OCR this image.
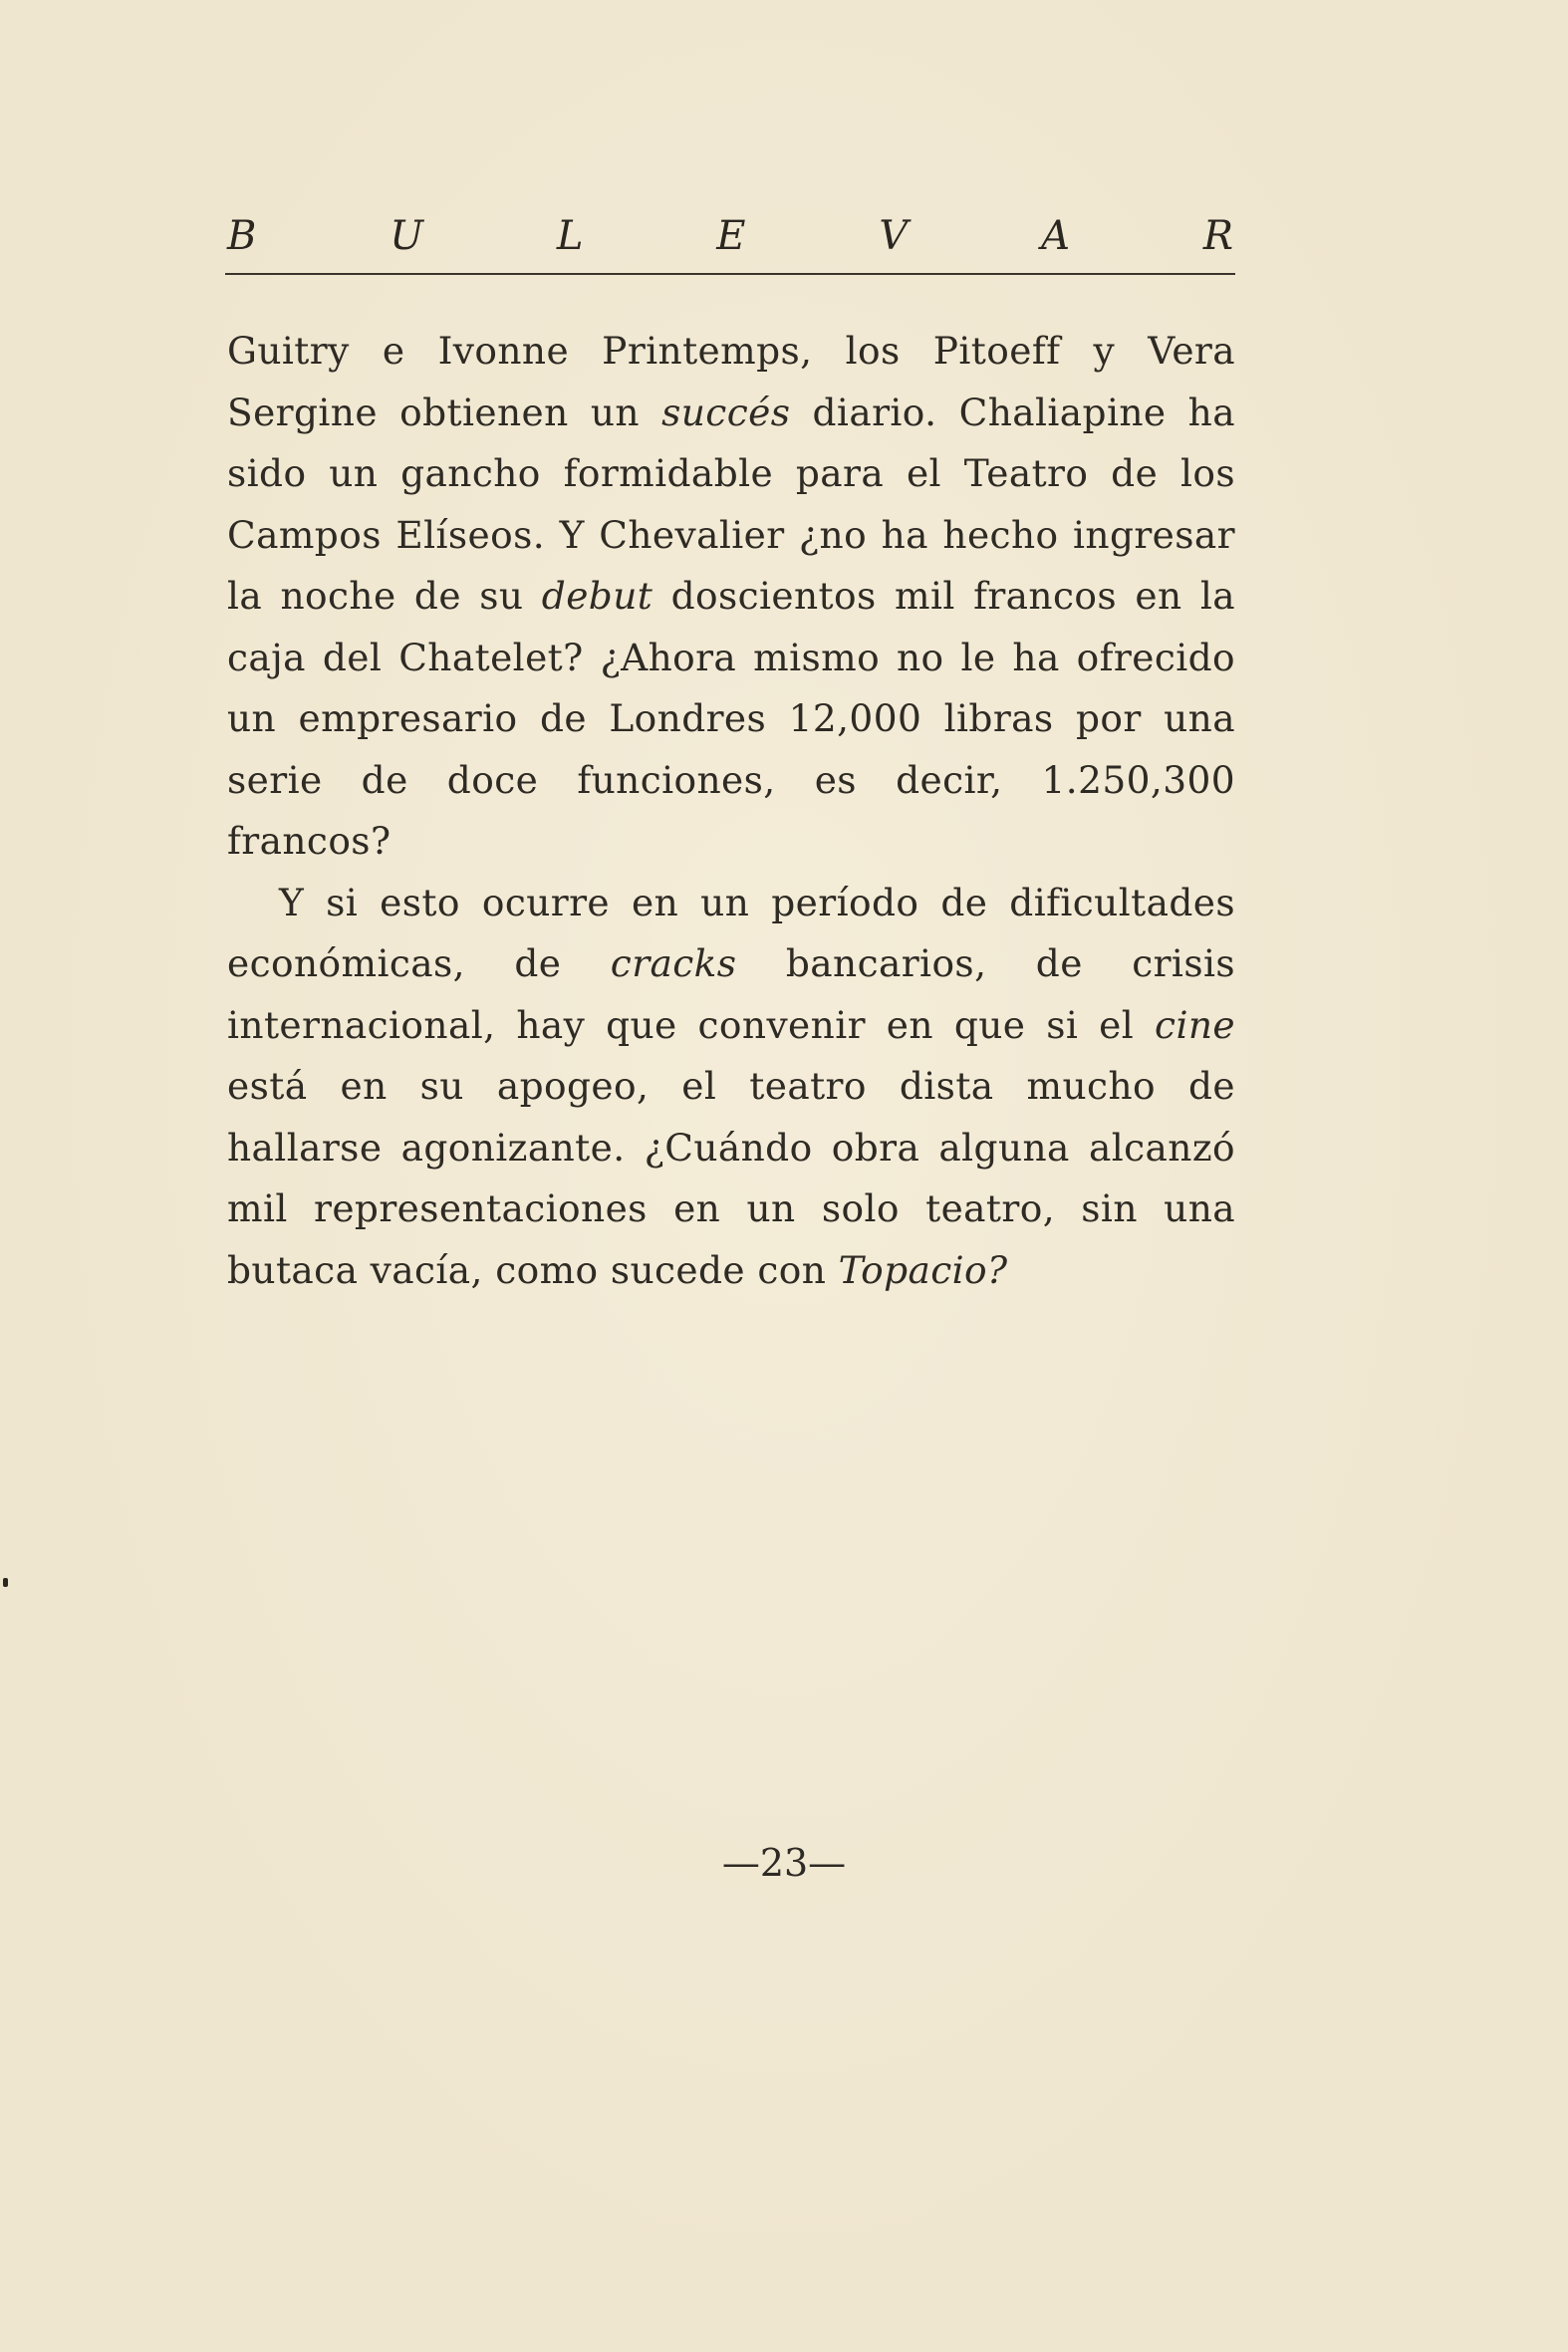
B	U	L	E	V	A	R

Guitry e Ivonne Printemps, los Pitoeff y Vera Sergine obtienen un succés diario. Chaliapine ha sido un gancho formidable para el Teatro de los Campos Elíseos. Y Chevalier ¿no ha hecho ingresar la noche de su debut doscientos mil francos en la caja del Chatelet? ¿Ahora mismo no le ha ofrecido un empresario de Londres 12,000 libras por una serie de doce funciones, es decir, 1.250,300 francos?

Y si esto ocurre en un período de dificultades económicas, de cracks bancarios, de crisis internacional, hay que convenir en que si el cine está en su apogeo, el teatro dista mucho de hallarse agonizante. ¿Cuándo obra alguna alcanzó mil representaciones en un solo teatro, sin una butaca vacía, como sucede con Topacio?

—23—
